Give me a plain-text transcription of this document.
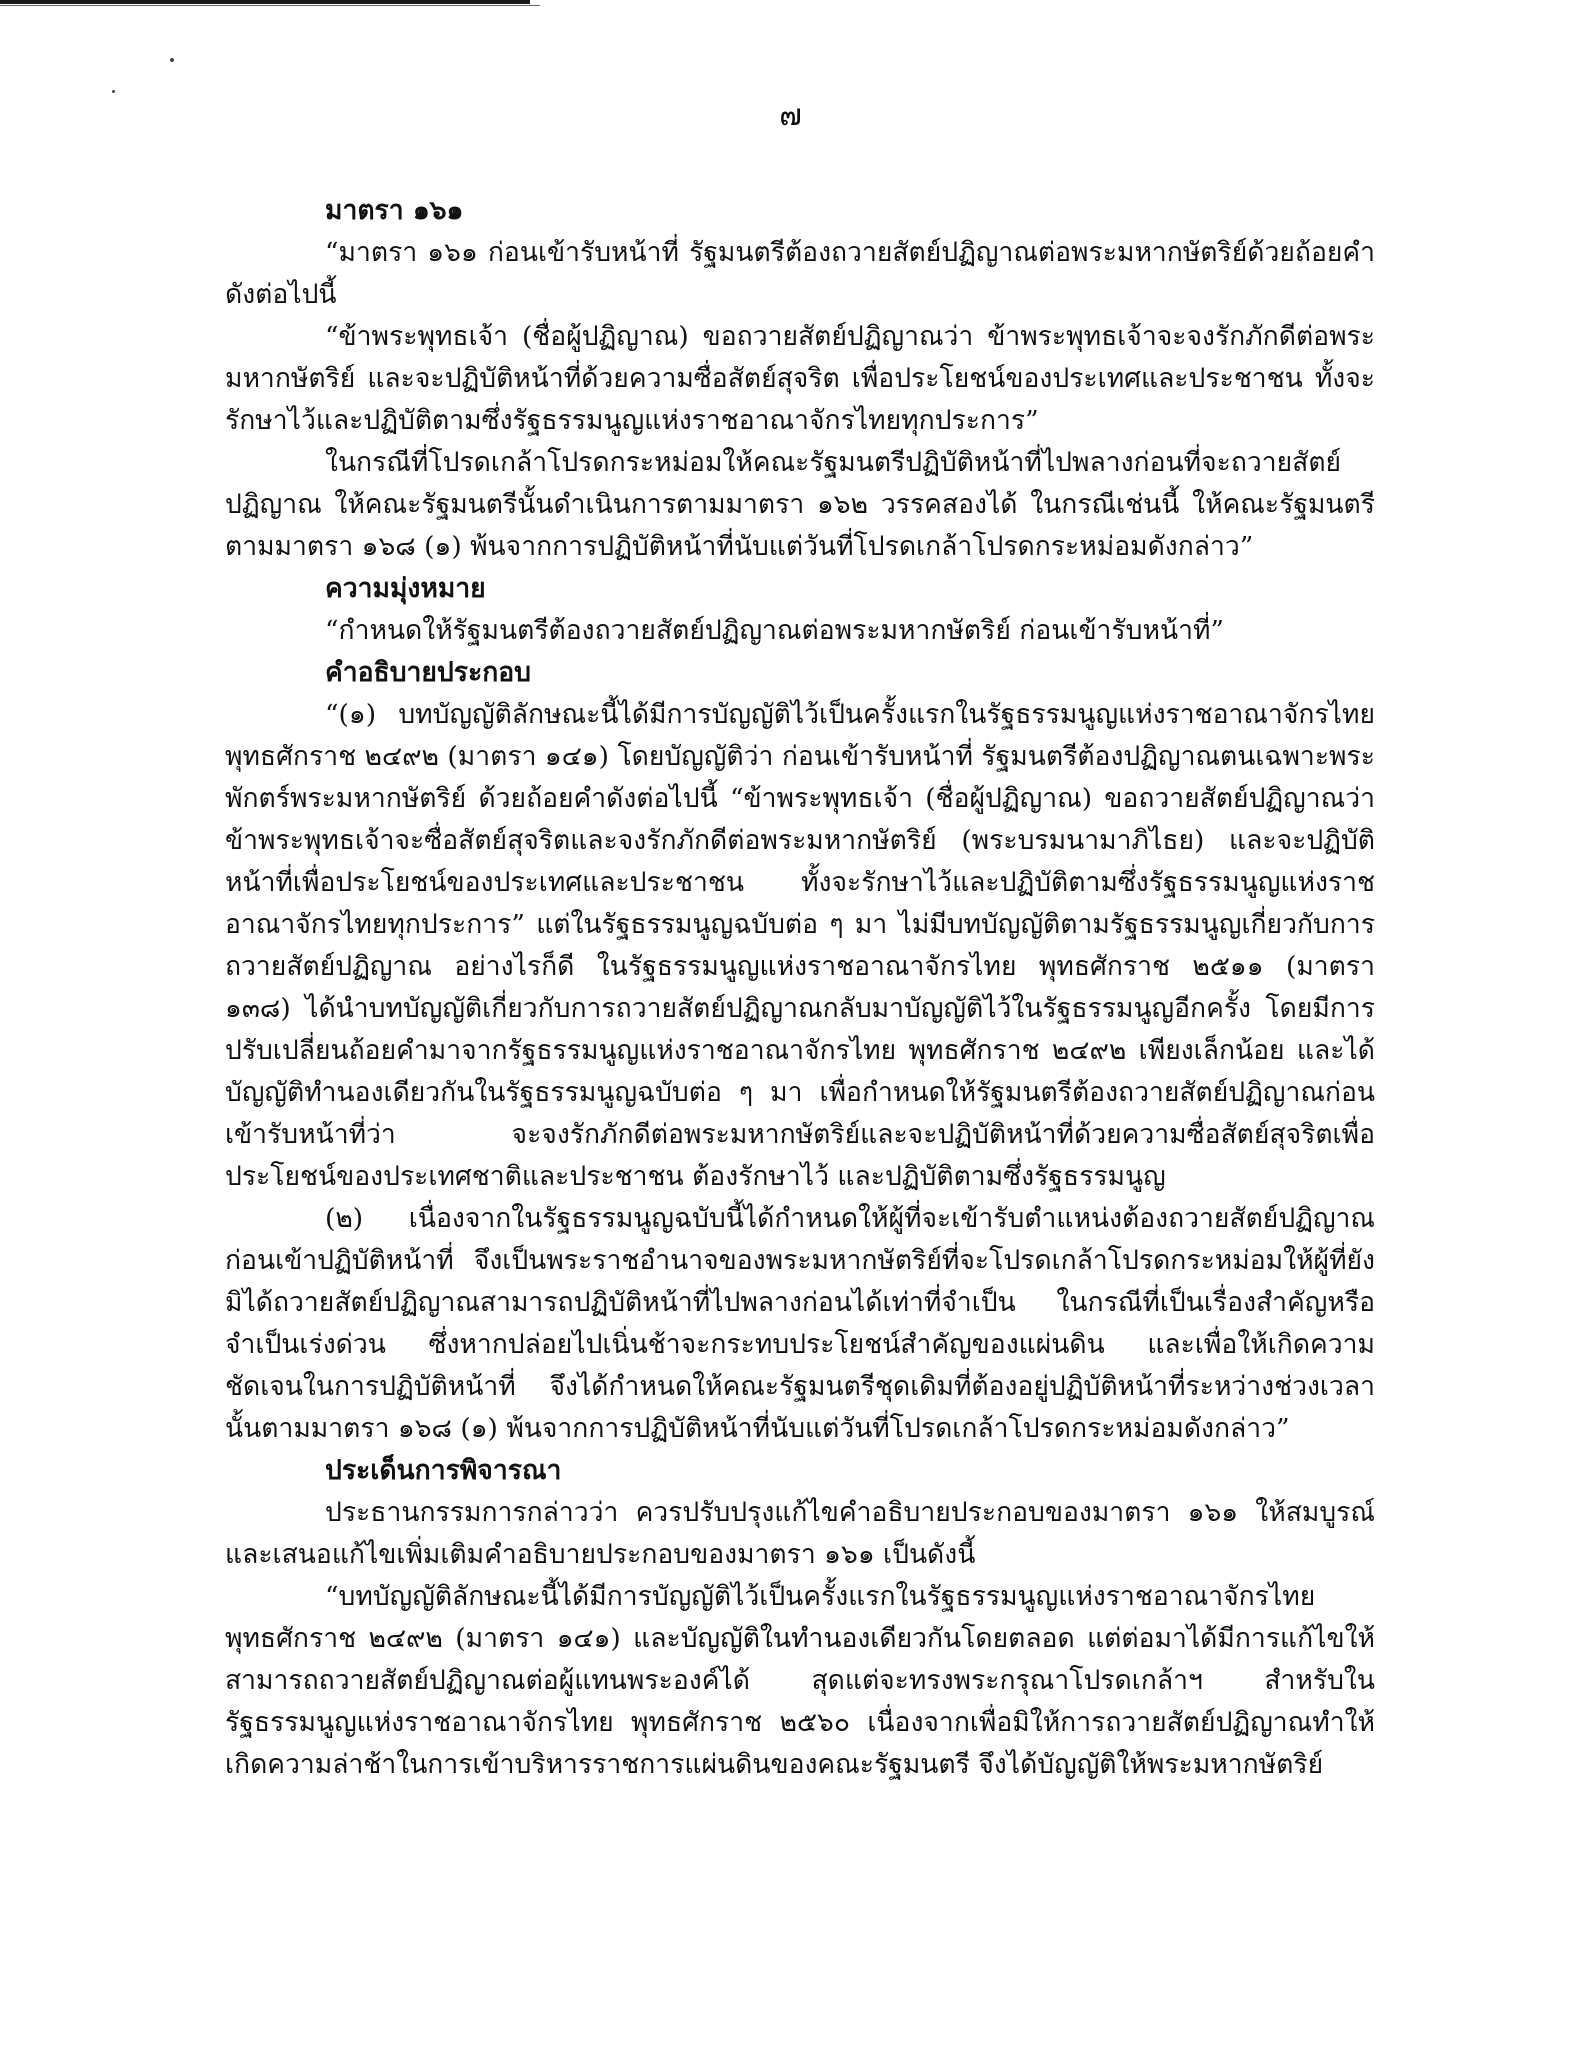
๗

มาตรา ๑๖๑

“มาตรา ๑๖๑ ก่อนเข้ารับหน้าที่ รัฐมนตรีต้องถวายสัตย์ปฏิญาณต่อพระมหากษัตริย์ด้วยถ้อยคำดังต่อไปนี้

“ข้าพระพุทธเจ้า (ชื่อผู้ปฏิญาณ) ขอถวายสัตย์ปฏิญาณว่า ข้าพระพุทธเจ้าจะจงรักภักดีต่อพระมหากษัตริย์ และจะปฏิบัติหน้าที่ด้วยความซื่อสัตย์สุจริต เพื่อประโยชน์ของประเทศและประชาชน ทั้งจะรักษาไว้และปฏิบัติตามซึ่งรัฐธรรมนูญแห่งราชอาณาจักรไทยทุกประการ”

ในกรณีที่โปรดเกล้าโปรดกระหม่อมให้คณะรัฐมนตรีปฏิบัติหน้าที่ไปพลางก่อนที่จะถวายสัตย์ปฏิญาณ ให้คณะรัฐมนตรีนั้นดำเนินการตามมาตรา ๑๖๒ วรรคสองได้ ในกรณีเช่นนี้ ให้คณะรัฐมนตรีตามมาตรา ๑๖๘ (๑) พ้นจากการปฏิบัติหน้าที่นับแต่วันที่โปรดเกล้าโปรดกระหม่อมดังกล่าว”

ความมุ่งหมาย

“กำหนดให้รัฐมนตรีต้องถวายสัตย์ปฏิญาณต่อพระมหากษัตริย์ ก่อนเข้ารับหน้าที่”

คำอธิบายประกอบ

“(๑) บทบัญญัติลักษณะนี้ได้มีการบัญญัติไว้เป็นครั้งแรกในรัฐธรรมนูญแห่งราชอาณาจักรไทย พุทธศักราช ๒๔๙๒ (มาตรา ๑๔๑) โดยบัญญัติว่า ก่อนเข้ารับหน้าที่ รัฐมนตรีต้องปฏิญาณตนเฉพาะพระพักตร์พระมหากษัตริย์ ด้วยถ้อยคำดังต่อไปนี้ “ข้าพระพุทธเจ้า (ชื่อผู้ปฏิญาณ) ขอถวายสัตย์ปฏิญาณว่า ข้าพระพุทธเจ้าจะซื่อสัตย์สุจริตและจงรักภักดีต่อพระมหากษัตริย์ (พระบรมนามาภิไธย) และจะปฏิบัติหน้าที่เพื่อประโยชน์ของประเทศและประชาชน ทั้งจะรักษาไว้และปฏิบัติตามซึ่งรัฐธรรมนูญแห่งราชอาณาจักรไทยทุกประการ” แต่ในรัฐธรรมนูญฉบับต่อ ๆ มา ไม่มีบทบัญญัติตามรัฐธรรมนูญเกี่ยวกับการถวายสัตย์ปฏิญาณ อย่างไรก็ดี ในรัฐธรรมนูญแห่งราชอาณาจักรไทย พุทธศักราช ๒๕๑๑ (มาตรา ๑๓๘) ได้นำบทบัญญัติเกี่ยวกับการถวายสัตย์ปฏิญาณกลับมาบัญญัติไว้ในรัฐธรรมนูญอีกครั้ง โดยมีการปรับเปลี่ยนถ้อยคำมาจากรัฐธรรมนูญแห่งราชอาณาจักรไทย พุทธศักราช ๒๔๙๒ เพียงเล็กน้อย และได้บัญญัติทำนองเดียวกันในรัฐธรรมนูญฉบับต่อ ๆ มา เพื่อกำหนดให้รัฐมนตรีต้องถวายสัตย์ปฏิญาณก่อนเข้ารับหน้าที่ว่า จะจงรักภักดีต่อพระมหากษัตริย์และจะปฏิบัติหน้าที่ด้วยความซื่อสัตย์สุจริตเพื่อประโยชน์ของประเทศชาติและประชาชน ต้องรักษาไว้ และปฏิบัติตามซึ่งรัฐธรรมนูญ

(๒) เนื่องจากในรัฐธรรมนูญฉบับนี้ได้กำหนดให้ผู้ที่จะเข้ารับตำแหน่งต้องถวายสัตย์ปฏิญาณก่อนเข้าปฏิบัติหน้าที่ จึงเป็นพระราชอำนาจของพระมหากษัตริย์ที่จะโปรดเกล้าโปรดกระหม่อมให้ผู้ที่ยังมิได้ถวายสัตย์ปฏิญาณสามารถปฏิบัติหน้าที่ไปพลางก่อนได้เท่าที่จำเป็น ในกรณีที่เป็นเรื่องสำคัญหรือจำเป็นเร่งด่วน ซึ่งหากปล่อยไปเนิ่นช้าจะกระทบประโยชน์สำคัญของแผ่นดิน และเพื่อให้เกิดความชัดเจนในการปฏิบัติหน้าที่ จึงได้กำหนดให้คณะรัฐมนตรีชุดเดิมที่ต้องอยู่ปฏิบัติหน้าที่ระหว่างช่วงเวลานั้นตามมาตรา ๑๖๘ (๑) พ้นจากการปฏิบัติหน้าที่นับแต่วันที่โปรดเกล้าโปรดกระหม่อมดังกล่าว”

ประเด็นการพิจารณา

ประธานกรรมการกล่าวว่า ควรปรับปรุงแก้ไขคำอธิบายประกอบของมาตรา ๑๖๑ ให้สมบูรณ์ และเสนอแก้ไขเพิ่มเติมคำอธิบายประกอบของมาตรา ๑๖๑ เป็นดังนี้

“บทบัญญัติลักษณะนี้ได้มีการบัญญัติไว้เป็นครั้งแรกในรัฐธรรมนูญแห่งราชอาณาจักรไทย พุทธศักราช ๒๔๙๒ (มาตรา ๑๔๑) และบัญญัติในทำนองเดียวกันโดยตลอด แต่ต่อมาได้มีการแก้ไขให้สามารถถวายสัตย์ปฏิญาณต่อผู้แทนพระองค์ได้ สุดแต่จะทรงพระกรุณาโปรดเกล้าฯ สำหรับในรัฐธรรมนูญแห่งราชอาณาจักรไทย พุทธศักราช ๒๕๖๐ เนื่องจากเพื่อมิให้การถวายสัตย์ปฏิญาณทำให้เกิดความล่าช้าในการเข้าบริหารราชการแผ่นดินของคณะรัฐมนตรี จึงได้บัญญัติให้พระมหากษัตริย์
